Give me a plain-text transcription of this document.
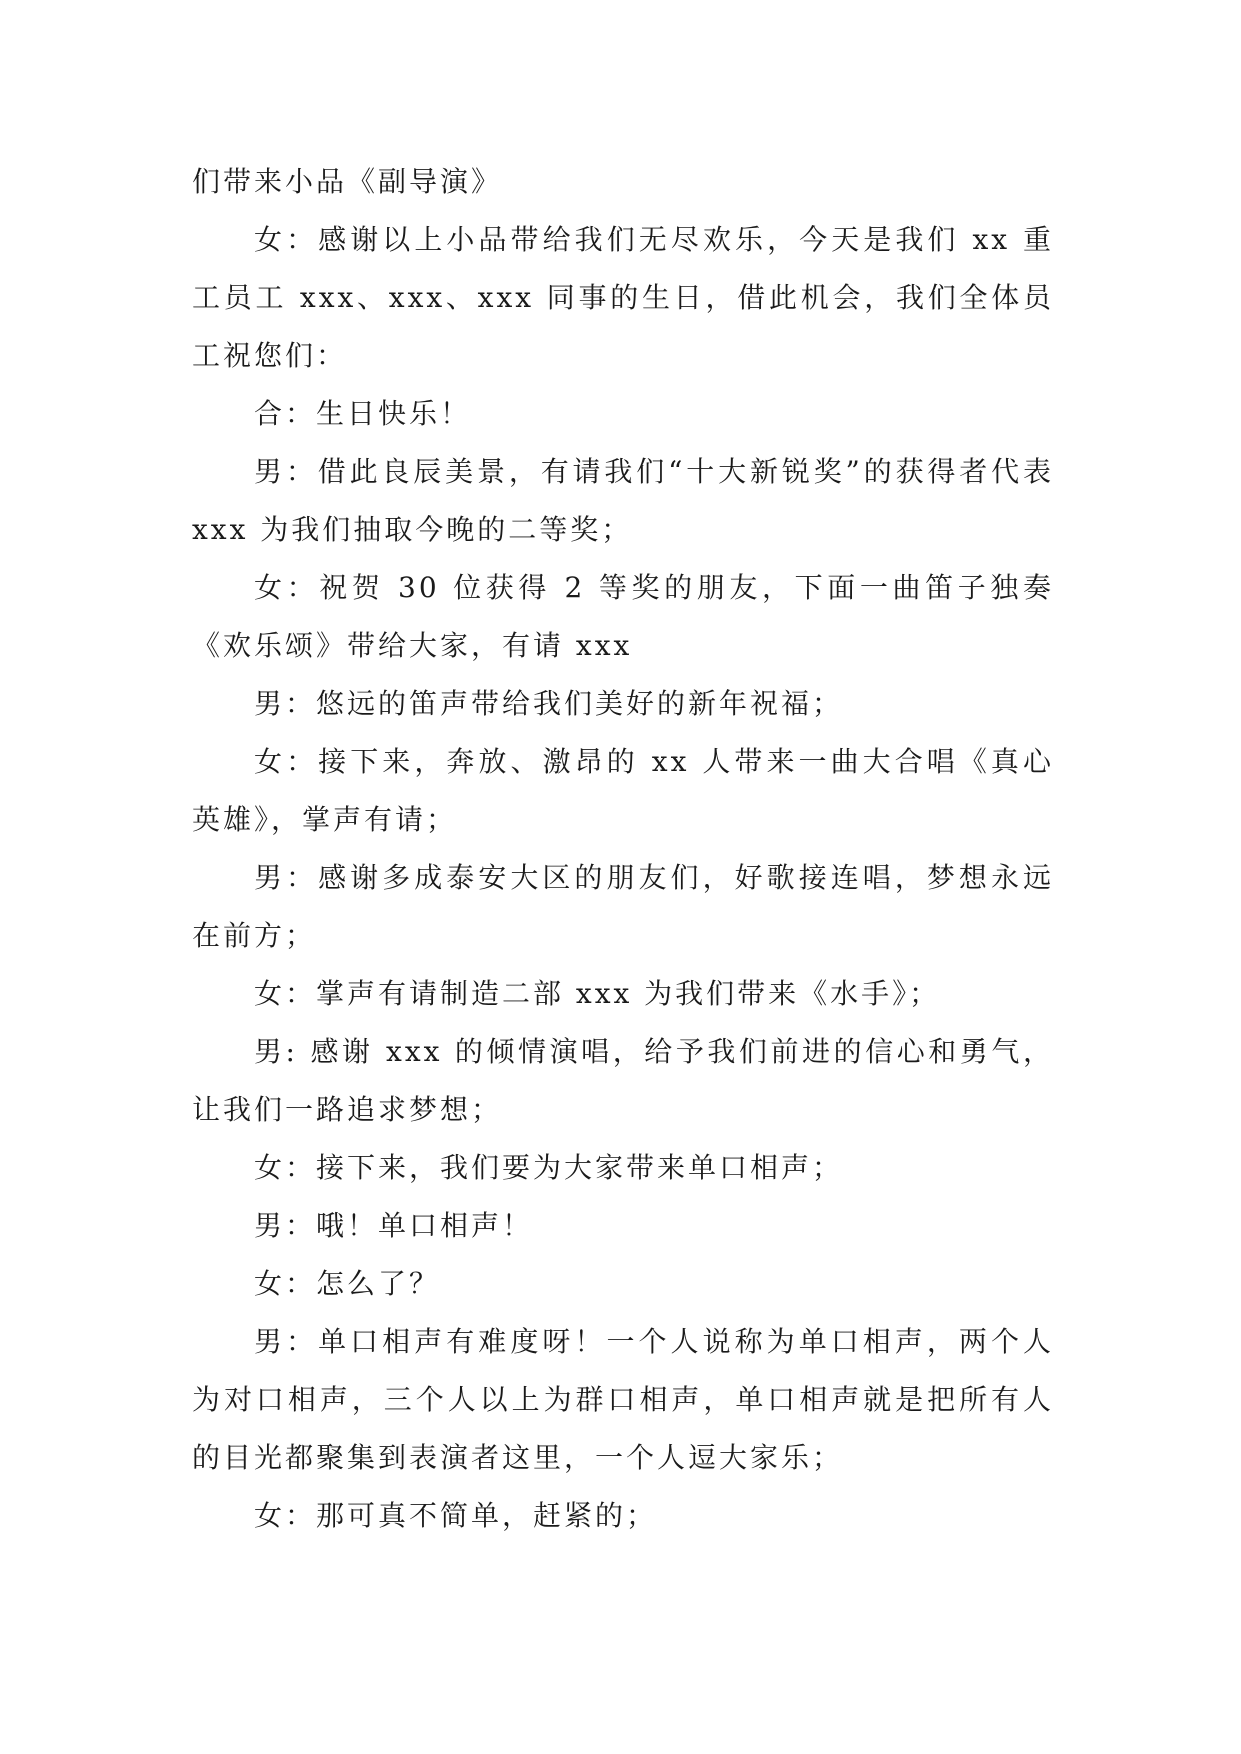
们带来小品《副导演》

女：感谢以上小品带给我们无尽欢乐，今天是我们 xx 重工员工 xxx、xxx、xxx 同事的生日，借此机会，我们全体员工祝您们：

合：生日快乐！

男：借此良辰美景，有请我们“十大新锐奖”的获得者代表 xxx 为我们抽取今晚的二等奖；

女：祝贺 30 位获得 2 等奖的朋友，下面一曲笛子独奏《欢乐颂》带给大家，有请 xxx

男：悠远的笛声带给我们美好的新年祝福；

女：接下来，奔放、激昂的 xx 人带来一曲大合唱《真心英雄》，掌声有请；

男：感谢多成泰安大区的朋友们，好歌接连唱，梦想永远在前方；

女：掌声有请制造二部 xxx 为我们带来《水手》；

男: 感谢 xxx 的倾情演唱，给予我们前进的信心和勇气，让我们一路追求梦想；

女：接下来，我们要为大家带来单口相声；

男：哦！单口相声！

女：怎么了？

男：单口相声有难度呀！一个人说称为单口相声，两个人为对口相声，三个人以上为群口相声，单口相声就是把所有人的目光都聚集到表演者这里，一个人逗大家乐；

女：那可真不简单，赶紧的；
